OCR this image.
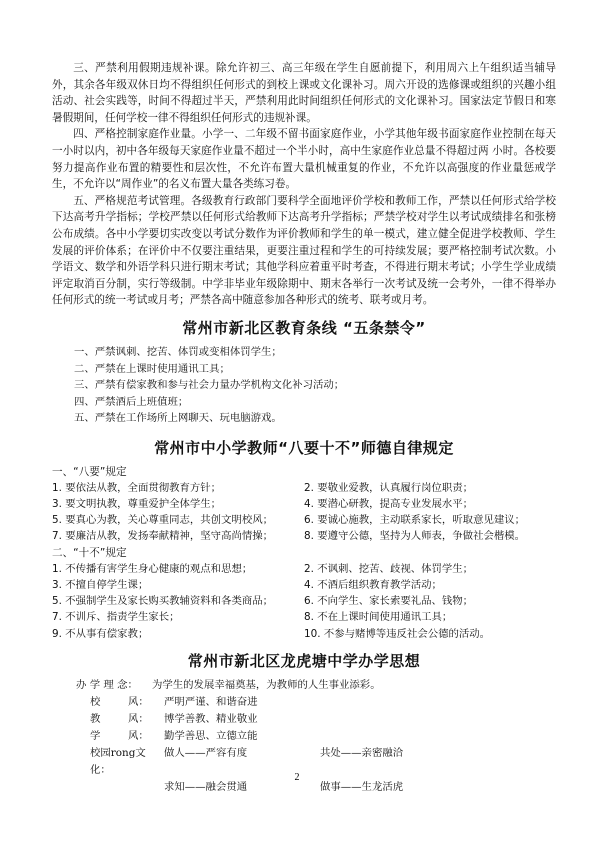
三、严禁利用假期违规补课。除允许初三、高三年级在学生自愿前提下，利用周六上午组织适当辅导外，其余各年级双休日均不得组织任何形式的到校上课或文化课补习。周六开设的选修课或组织的兴趣小组活动、社会实践等，时间不得超过半天，严禁利用此时间组织任何形式的文化课补习。国家法定节假日和寒暑假期间，任何学校一律不得组织任何形式的违规补课。

四、严格控制家庭作业量。小学一、二年级不留书面家庭作业，小学其他年级书面家庭作业控制在每天一小时以内，初中各年级每天家庭作业量不超过一个半小时，高中生家庭作业总量不得超过两 小时。各校要努力提高作业布置的精要性和层次性，不允许布置大量机械重复的作业，不允许以高强度的作业量惩戒学生，不允许以“周作业”的名义布置大量各类练习卷。

五、严格规范考试管理。各级教育行政部门要科学全面地评价学校和教师工作，严禁以任何形式给学校下达高考升学指标；学校严禁以任何形式给教师下达高考升学指标；严禁学校对学生以考试成绩排名和张榜公布成绩。各中小学要切实改变以考试分数作为评价教师和学生的单一模式，建立健全促进学校教师、学生发展的评价体系；在评价中不仅要注重结果，更要注重过程和学生的可持续发展；要严格控制考试次数。小学语文、数学和外语学科只进行期末考试；其他学科应着重平时考查，不得进行期末考试；小学生学业成绩评定取消百分制，实行等级制。中学非毕业年级除期中、期末各举行一次考试及统一会考外，一律不得举办任何形式的统一考试或月考；严禁各高中随意参加各种形式的统考、联考或月考。

常州市新北区教育条线 “五条禁令”
一、严禁讽刺、挖苦、体罚或变相体罚学生；
二、严禁在上课时使用通讯工具；
三、严禁有偿家教和参与社会力量办学机构文化补习活动；
四、严禁酒后上班值班；
五、严禁在工作场所上网聊天、玩电脑游戏。
常州市中小学教师“八要十不”师德自律规定

一、“八要”规定

1. 要依法从教，全面贯彻教育方针；	2. 要敬业爱教，认真履行岗位职责；
3. 要文明执教，尊重爱护全体学生；	4. 要潜心研教，提高专业发展水平；
5. 要真心为教，关心尊重同志，共创文明校风；	6. 要诚心施教，主动联系家长，听取意见建议；
7. 要廉洁从教，发扬奉献精神，坚守高尚情操；	8. 要遵守公德，坚持为人师表，争做社会楷模。

二、“十不”规定

1. 不传播有害学生身心健康的观点和思想；	2. 不讽刺、挖苦、歧视、体罚学生；
3. 不擅自停学生课；	4. 不酒后组织教育教学活动；
5. 不强制学生及家长购买教辅资料和各类商品；	6. 不向学生、家长索要礼品、钱物；
7. 不训斥、指责学生家长；	8. 不在上课时间使用通讯工具；
9. 不从事有偿家教；	10. 不参与赌博等违反社会公德的活动。
常州市新北区龙虎塘中学办学思想
办 学 理 念：	为学生的发展幸福奠基，为教师的人生事业添彩。
校	风：	严明严谨、和谐奋进
教	风：	博学善教、精业敬业
学	风：	勤学善思、立德立能
校园rong文化：
做人——严容有度	共处——亲密融洽
求知——融会贯通	做事——生龙活虎
2
